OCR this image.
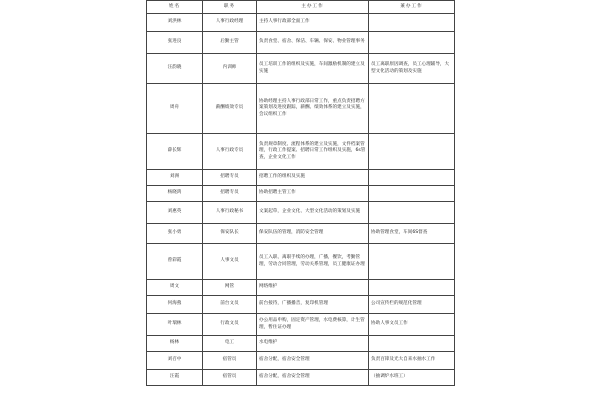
姓名	职务	主办工作	兼办工作
刘洪林	人事行政经理	主持人事行政部全面工作	
张进良	后勤主管	负责食堂、宿舍、保洁、车辆、保安、物业管理事务	
汪韵晓	内训师	员工培训工作的组织及实施，车间激励机制的建立及实施	员工离职原因调查，员工心理辅导，大型文化活动的策划及实施
周舟	薪酬绩效专员	协助经理主持人事行政部日常工作，重点负责招聘方案策划及进度跟踪，薪酬、绩效体系的建立及实施，会议组织工作	
薛长辉	人事行政专员	负责规章制度、流程体系的建立及实施，文件档案管理，行政工作提案、招聘日常工作组织及实施，6s管查，企业文化工作	
刘洲	招聘专员	招聘工作的组织及实施	
杨晓鸿	招聘专员	协助招聘主管工作	
刘惠英	人事行政秘书	文案起草，企业文化、大型文化活动的策划及实施	
张小勇	保安队长	保安队伍的管理，消防安全管理	协助管理食堂，车间6S督查
曾彩霞	人事文员	员工入职、离职手续的办理，广播，餐饮，考勤管理，劳动合同管理，劳动关系管理，员工健康证办理	
周文	网管	网络维护	
何海燕	前台文员	前台接待，广播播音，复印机管理	公司宣传栏的规范化管理
叶瑞林	行政文员	办公用品申购，固定资产管理，水电费核算，计生管理，暂住证办理	协助人事文员工作
杨林	电工	水电维护	
刘召中	宿管员	宿舍分配，宿舍安全管理	负责百锋及光大自来水抽水工作
汪霞	宿管员	宿舍分配，宿舍安全管理	（抽调炉水班工）
